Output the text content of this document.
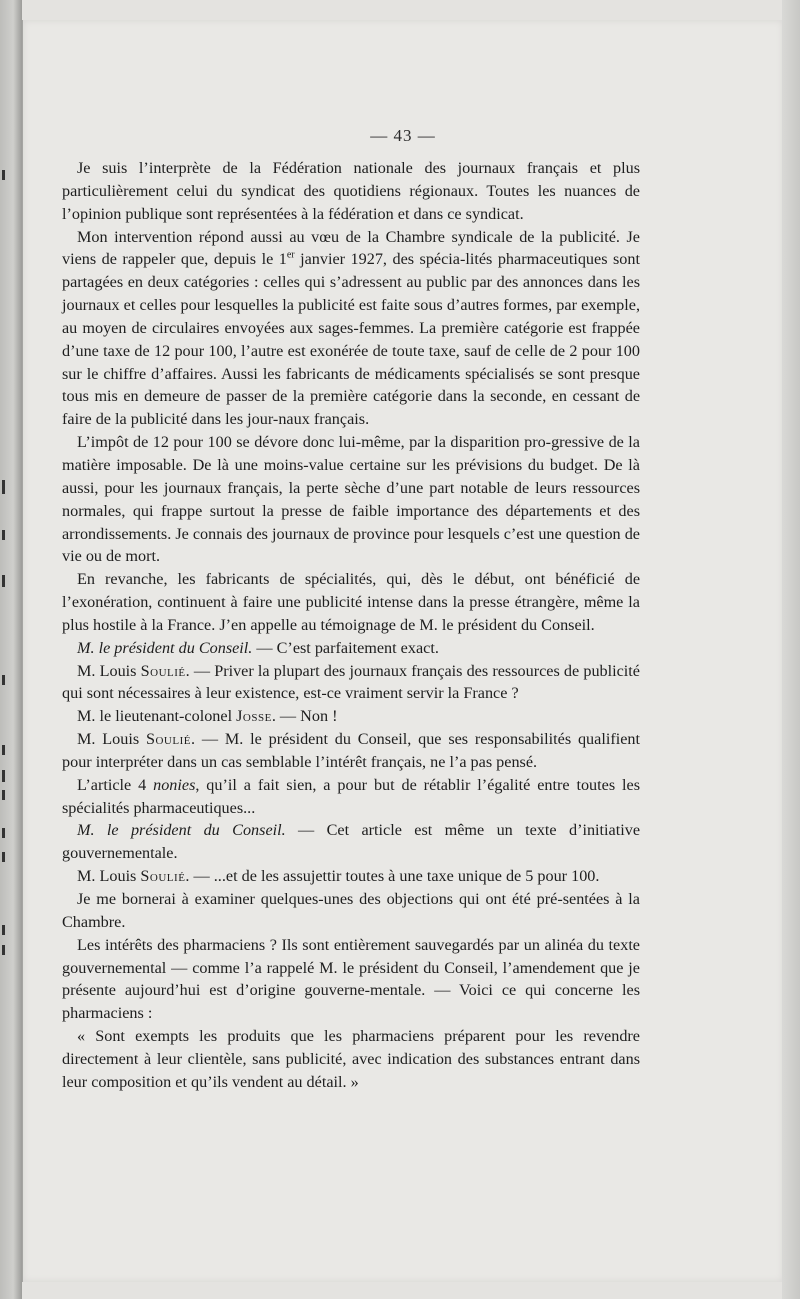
— 43 —

Je suis l’interprète de la Fédération nationale des journaux français et plus particulièrement celui du syndicat des quotidiens régionaux. Toutes les nuances de l’opinion publique sont représentées à la fédération et dans ce syndicat.

Mon intervention répond aussi au vœu de la Chambre syndicale de la publicité. Je viens de rappeler que, depuis le 1er janvier 1927, des spécia-lités pharmaceutiques sont partagées en deux catégories : celles qui s’adressent au public par des annonces dans les journaux et celles pour lesquelles la publicité est faite sous d’autres formes, par exemple, au moyen de circulaires envoyées aux sages-femmes. La première catégorie est frappée d’une taxe de 12 pour 100, l’autre est exonérée de toute taxe, sauf de celle de 2 pour 100 sur le chiffre d’affaires. Aussi les fabricants de médicaments spécialisés se sont presque tous mis en demeure de passer de la première catégorie dans la seconde, en cessant de faire de la publicité dans les jour-naux français.

L’impôt de 12 pour 100 se dévore donc lui-même, par la disparition pro-gressive de la matière imposable. De là une moins-value certaine sur les prévisions du budget. De là aussi, pour les journaux français, la perte sèche d’une part notable de leurs ressources normales, qui frappe surtout la presse de faible importance des départements et des arrondissements. Je connais des journaux de province pour lesquels c’est une question de vie ou de mort.

En revanche, les fabricants de spécialités, qui, dès le début, ont bénéficié de l’exonération, continuent à faire une publicité intense dans la presse étrangère, même la plus hostile à la France. J’en appelle au témoignage de M. le président du Conseil.

M. le président du Conseil. — C’est parfaitement exact.

M. Louis Soulié. — Priver la plupart des journaux français des ressources de publicité qui sont nécessaires à leur existence, est-ce vraiment servir la France ?

M. le lieutenant-colonel Josse. — Non !

M. Louis Soulié. — M. le président du Conseil, que ses responsabilités qualifient pour interpréter dans un cas semblable l’intérêt français, ne l’a pas pensé.

L’article 4 nonies, qu’il a fait sien, a pour but de rétablir l’égalité entre toutes les spécialités pharmaceutiques...

M. le président du Conseil. — Cet article est même un texte d’initiative gouvernementale.

M. Louis Soulié. — ...et de les assujettir toutes à une taxe unique de 5 pour 100.

Je me bornerai à examiner quelques-unes des objections qui ont été pré-sentées à la Chambre.

Les intérêts des pharmaciens ? Ils sont entièrement sauvegardés par un alinéa du texte gouvernemental — comme l’a rappelé M. le président du Conseil, l’amendement que je présente aujourd’hui est d’origine gouverne-mentale. — Voici ce qui concerne les pharmaciens :

« Sont exempts les produits que les pharmaciens préparent pour les revendre directement à leur clientèle, sans publicité, avec indication des substances entrant dans leur composition et qu’ils vendent au détail. »
